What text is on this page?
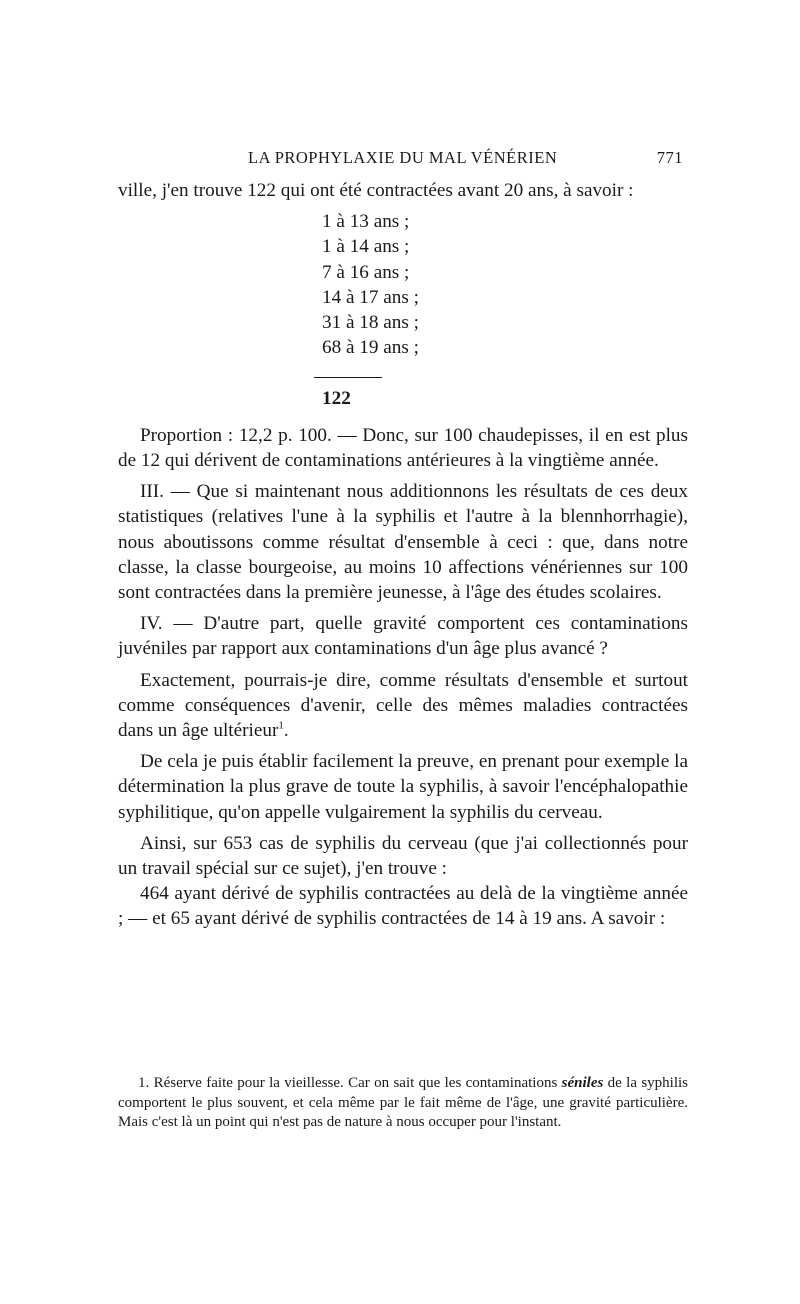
LA PROPHYLAXIE DU MAL VÉNÉRIEN	771

ville, j'en trouve 122 qui ont été contractées avant 20 ans, à savoir :

1 à 13 ans ;
1 à 14 ans ;
7 à 16 ans ;
14 à 17 ans ;
31 à 18 ans ;
68 à 19 ans ;
122

Proportion : 12,2 p. 100. — Donc, sur 100 chaudepisses, il en est plus de 12 qui dérivent de contaminations antérieures à la vingtième année.

III. — Que si maintenant nous additionnons les résultats de ces deux statistiques (relatives l'une à la syphilis et l'autre à la blennhorrhagie), nous aboutissons comme résultat d'ensemble à ceci : que, dans notre classe, la classe bourgeoise, au moins 10 affections vénériennes sur 100 sont contractées dans la première jeunesse, à l'âge des études scolaires.

IV. — D'autre part, quelle gravité comportent ces contaminations juvéniles par rapport aux contaminations d'un âge plus avancé ?

Exactement, pourrais-je dire, comme résultats d'ensemble et surtout comme conséquences d'avenir, celle des mêmes maladies contractées dans un âge ultérieur$^1$.

De cela je puis établir facilement la preuve, en prenant pour exemple la détermination la plus grave de toute la syphilis, à savoir l'encéphalopathie syphilitique, qu'on appelle vulgairement la syphilis du cerveau.

Ainsi, sur 653 cas de syphilis du cerveau (que j'ai collectionnés pour un travail spécial sur ce sujet), j'en trouve :

464 ayant dérivé de syphilis contractées au delà de la vingtième année ; — et 65 ayant dérivé de syphilis contractées de 14 à 19 ans. A savoir :

1. Réserve faite pour la vieillesse. Car on sait que les contaminations séniles de la syphilis comportent le plus souvent, et cela même par le fait même de l'âge, une gravité particulière. Mais c'est là un point qui n'est pas de nature à nous occuper pour l'instant.
